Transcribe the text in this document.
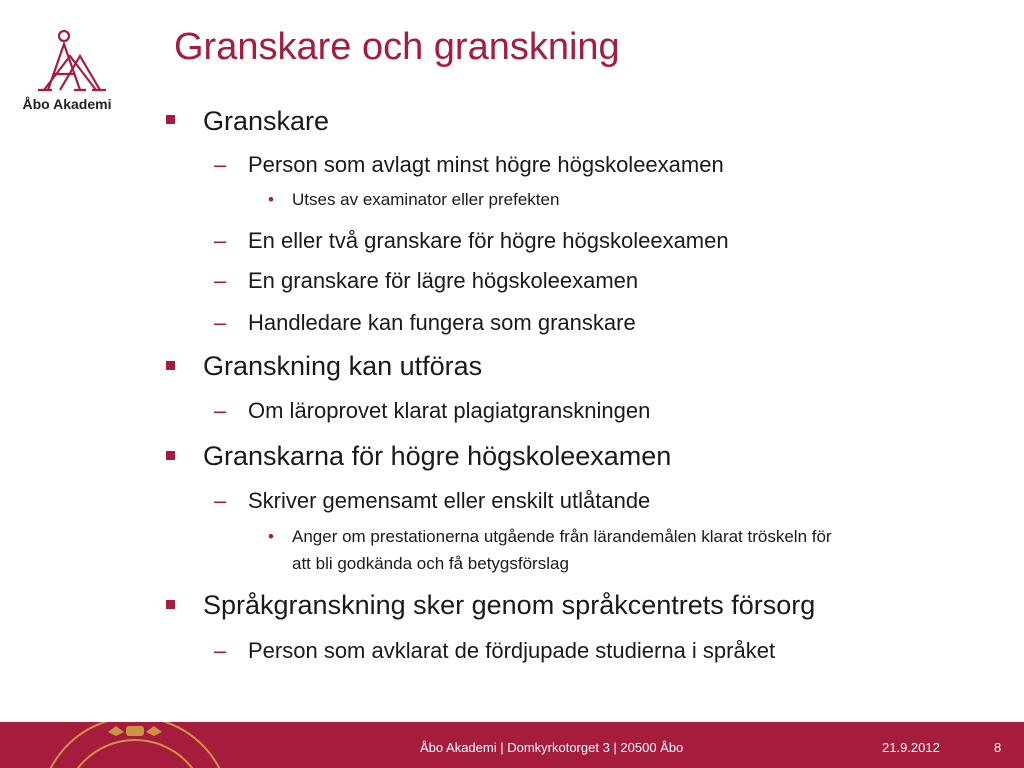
Åbo Akademi
Granskare och granskning
Granskare
– Person som avlagt minst högre högskoleexamen
• Utses av examinator eller prefekten
– En eller två granskare för högre högskoleexamen
– En granskare för lägre högskoleexamen
– Handledare kan fungera som granskare
Granskning kan utföras
– Om läroprovet klarat plagiatgranskningen
Granskarna för högre högskoleexamen
– Skriver gemensamt eller enskilt utlåtande
• Anger om prestationerna utgående från lärandemålen klarat tröskeln för
att bli godkända och få betygsförslag
Språkgranskning sker genom språkcentrets försorg
– Person som avklarat de fördjupade studierna i språket
Åbo Akademi | Domkyrkotorget 3 | 20500 Åbo	21.9.2012	8
